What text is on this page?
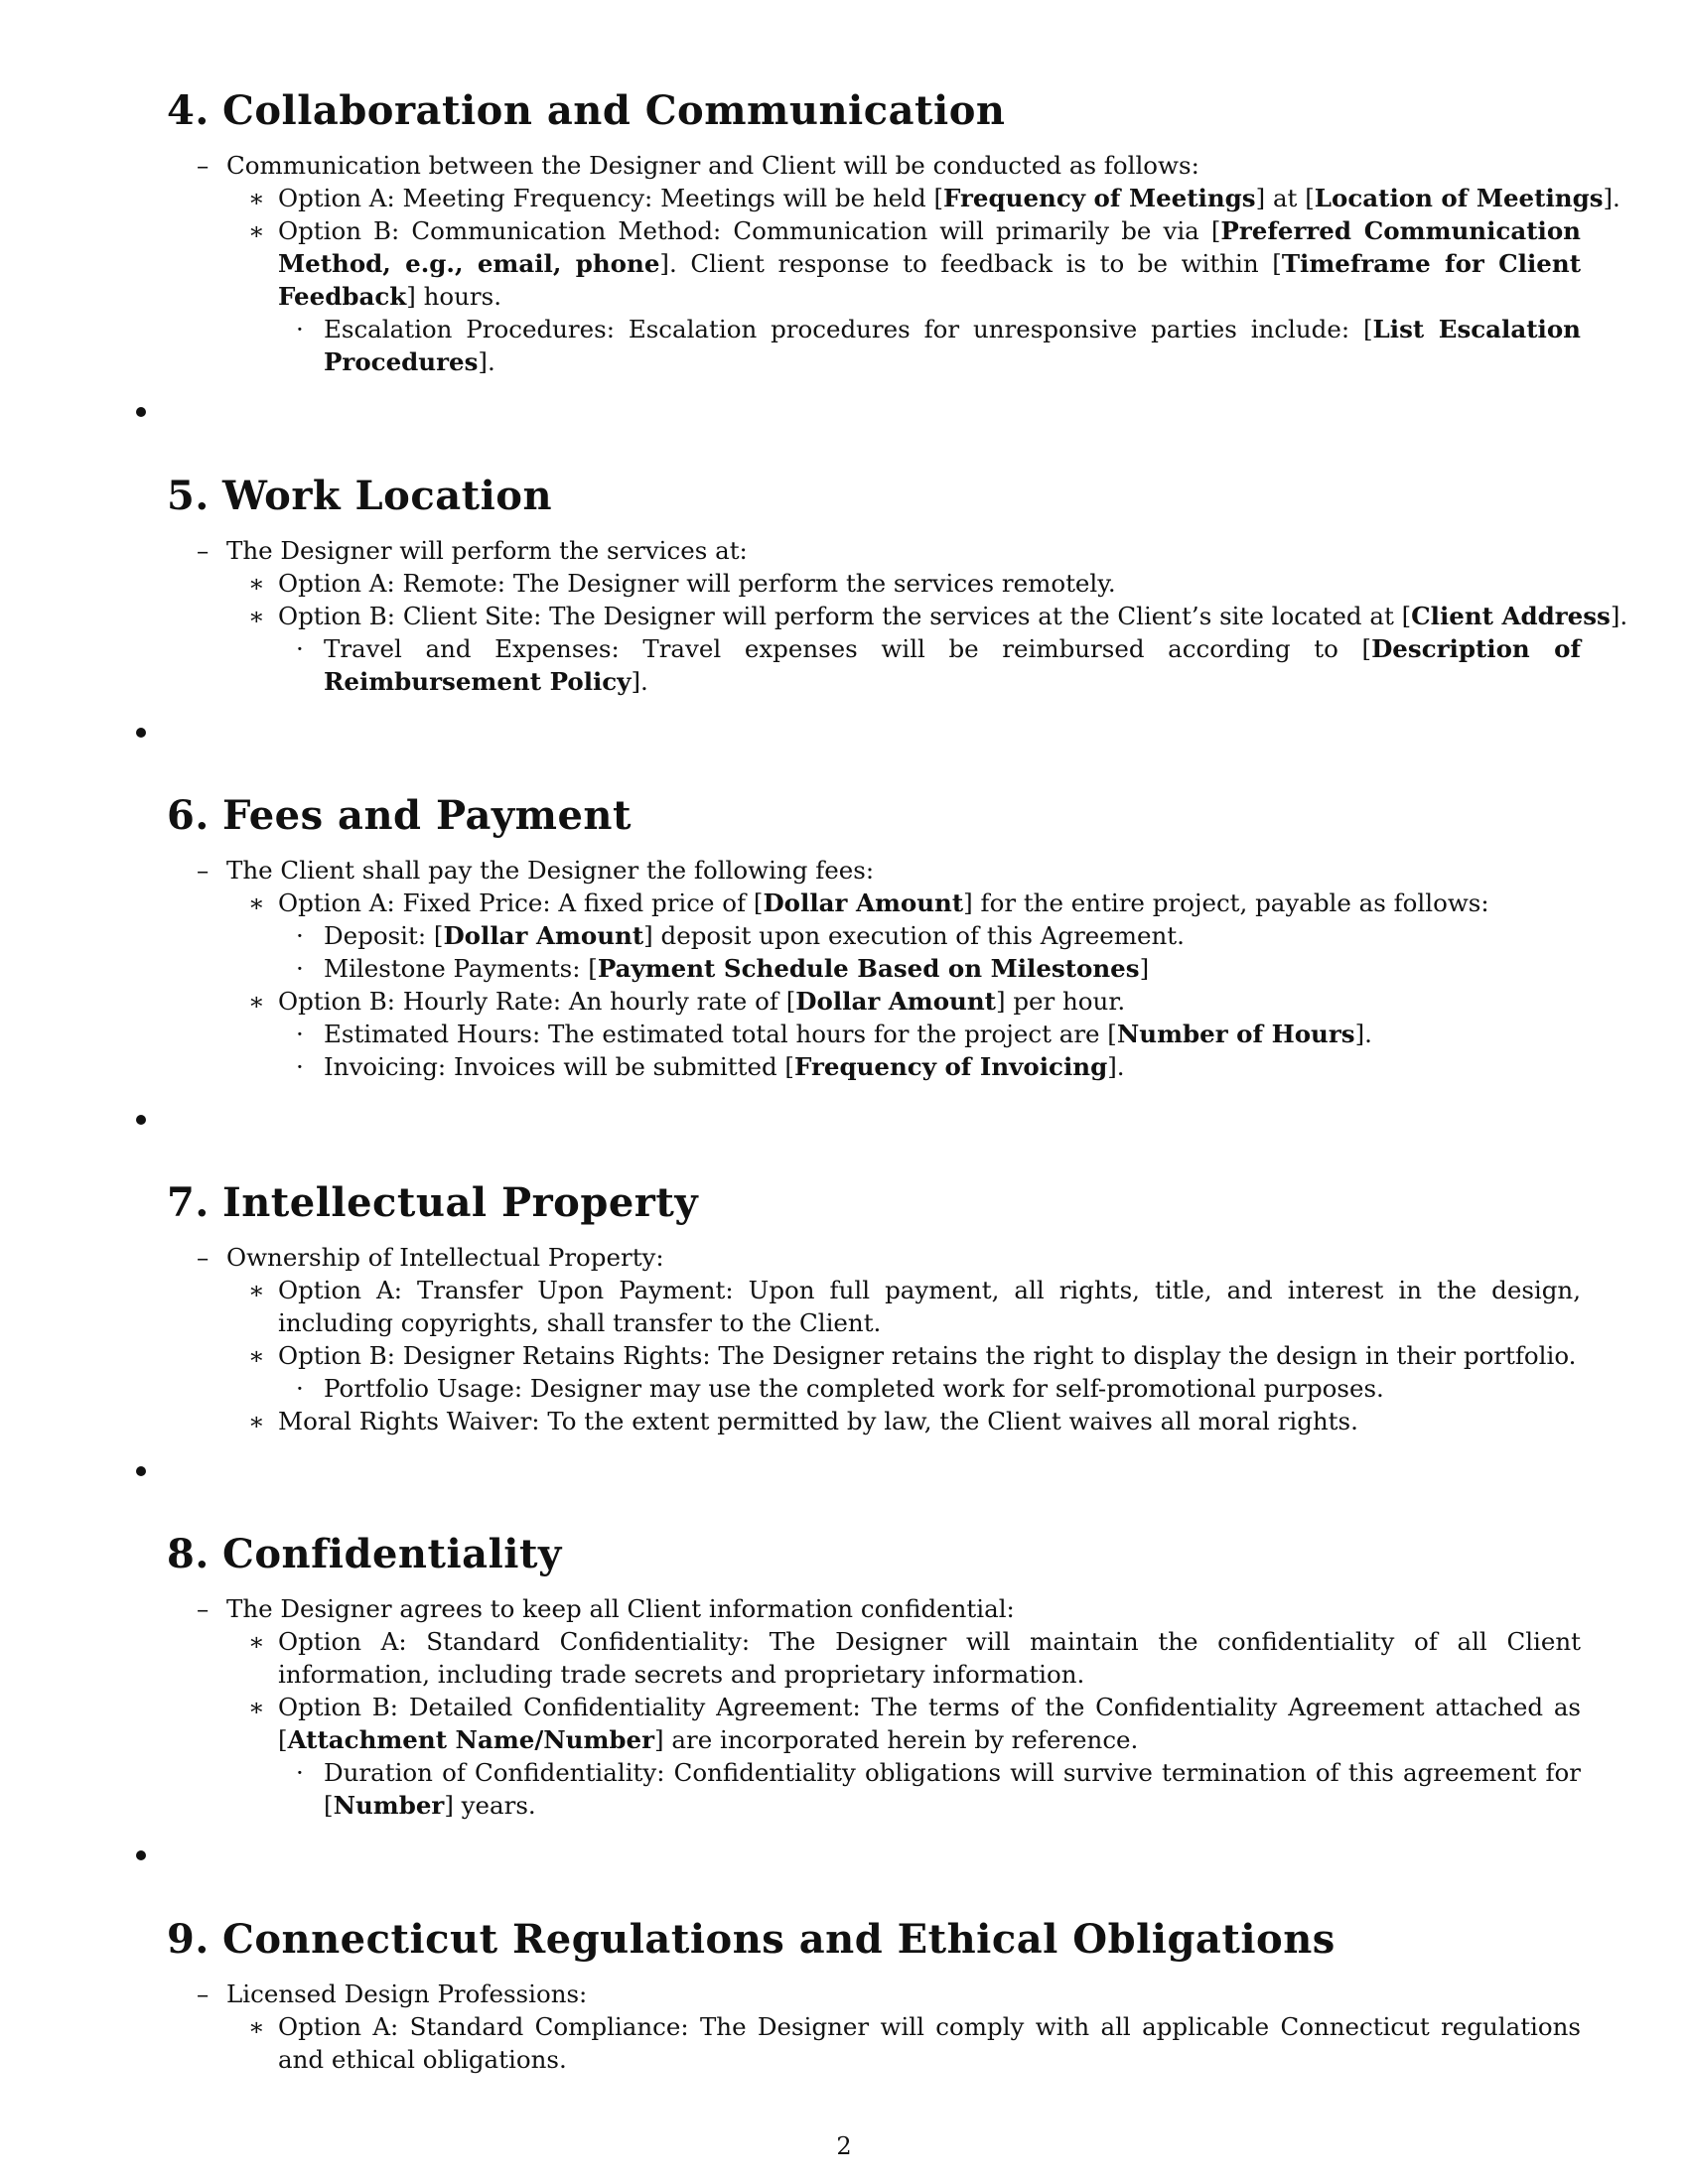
4. Collaboration and Communication
– Communication between the Designer and Client will be conducted as follows:
∗ Option A: Meeting Frequency: Meetings will be held [Frequency of Meetings] at [Location of Meetings].
∗ Option B: Communication Method: Communication will primarily be via [Preferred Communication Method, e.g., email, phone]. Client response to feedback is to be within [Timeframe for Client Feedback] hours.
· Escalation Procedures: Escalation procedures for unresponsive parties include: [List Escalation Procedures].
5. Work Location
– The Designer will perform the services at:
∗ Option A: Remote: The Designer will perform the services remotely.
∗ Option B: Client Site: The Designer will perform the services at the Client’s site located at [Client Address].
· Travel and Expenses: Travel expenses will be reimbursed according to [Description of Reimbursement Policy].
6. Fees and Payment
– The Client shall pay the Designer the following fees:
∗ Option A: Fixed Price: A fixed price of [Dollar Amount] for the entire project, payable as follows:
· Deposit: [Dollar Amount] deposit upon execution of this Agreement.
· Milestone Payments: [Payment Schedule Based on Milestones]
∗ Option B: Hourly Rate: An hourly rate of [Dollar Amount] per hour.
· Estimated Hours: The estimated total hours for the project are [Number of Hours].
· Invoicing: Invoices will be submitted [Frequency of Invoicing].
7. Intellectual Property
– Ownership of Intellectual Property:
∗ Option A: Transfer Upon Payment: Upon full payment, all rights, title, and interest in the design, including copyrights, shall transfer to the Client.
∗ Option B: Designer Retains Rights: The Designer retains the right to display the design in their portfolio.
· Portfolio Usage: Designer may use the completed work for self-promotional purposes.
∗ Moral Rights Waiver: To the extent permitted by law, the Client waives all moral rights.
8. Confidentiality
– The Designer agrees to keep all Client information confidential:
∗ Option A: Standard Confidentiality: The Designer will maintain the confidentiality of all Client information, including trade secrets and proprietary information.
∗ Option B: Detailed Confidentiality Agreement: The terms of the Confidentiality Agreement attached as [Attachment Name/Number] are incorporated herein by reference.
· Duration of Confidentiality: Confidentiality obligations will survive termination of this agreement for [Number] years.
9. Connecticut Regulations and Ethical Obligations
– Licensed Design Professions:
∗ Option A: Standard Compliance: The Designer will comply with all applicable Connecticut regulations and ethical obligations.
2
